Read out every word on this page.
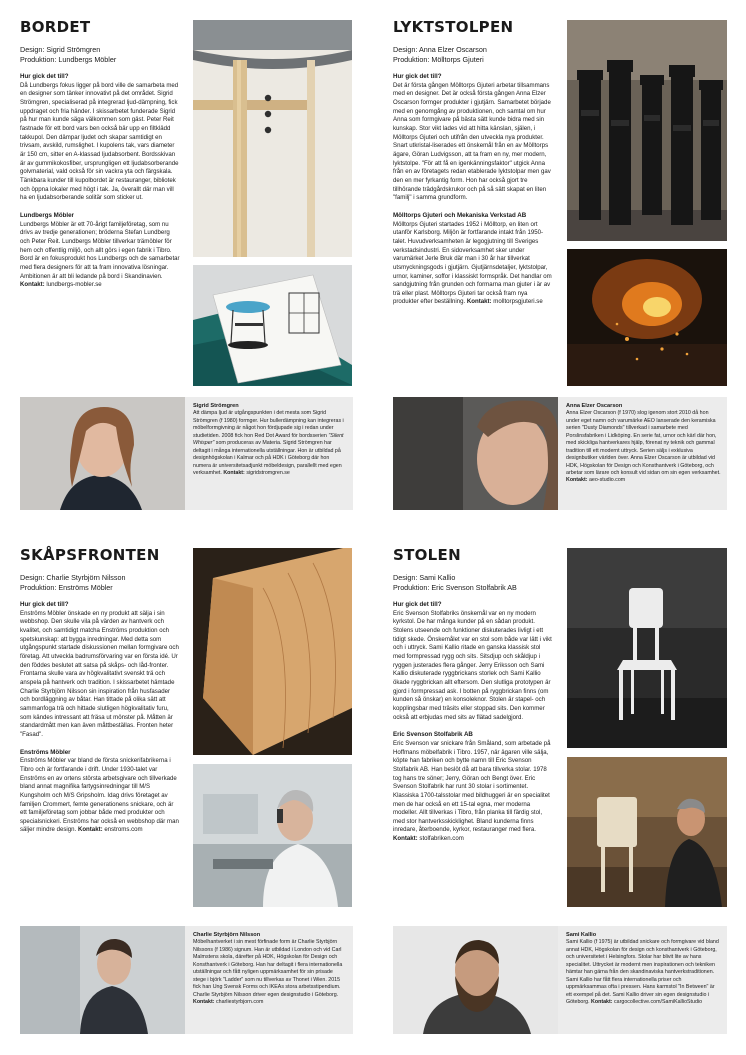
BORDET
Design: Sigrid Strömgren
Produktion: Lundbergs Möbler
Hur gick det till?
Då Lundbergs fokus ligger på bord ville de samarbeta med en designer som tänker innovativt på det området. Sigrid Strömgren, specialiserad på integrerad ljud-dämpning, fick uppdraget och fria händer. I skissarbetet funderade Sigrid på hur man kunde säga välkommen som gäst. Peter Reit fastnade för ett bord vars ben också bär upp en filtklädd takkupol. Den dämpar ljudet och skapar samtidigt en trivsam, avskild, rumslighet. I kupolens tak, vars diameter är 150 cm, sitter en A-klassad ljudabsorbent. Bordsskivan är av gummikokosfiber, ursprungligen ett ljudabsorberande golvmaterial, vald också för sin vackra yta och färgskala. Tänkbara kunder till kupolbordet är restauranger, bibliotek och öppna lokaler med högt i tak. Ja, överallt där man vill ha en ljudabsorberande solitär som sticker ut.
Lundbergs Möbler
Lundbergs Möbler är ett 70-årigt familjeföretag, som nu drivs av tredje generationen; bröderna Stefan Lundberg och Peter Reit. Lundbergs Möbler tillverkar trämöbler för hem och offentlig miljö, och allt görs i egen fabrik i Tibro. Bord är en fokusprodukt hos Lundbergs och de samarbetar med flera designers för att ta fram innovativa lösningar. Ambitionen är att bli ledande på bord i Skandinavien. Kontakt: lundbergs-mobler.se
Sigrid Strömgren
Att dämpa ljud är utgångspunkten i det mesta som Sigrid Strömgren (f 1980) formger. Hur bullerdämpning kan integreras i möbelformgivning är något hon fördjupade sig i redan under studietiden. 2008 fick hon Red Dot Award för bordsserien "Silent Whisper" som produceras av Materia. Sigrid Strömgren har deltagit i många internationella utställningar. Hon är utbildad på designhögskolan i Kalmar och på HDK i Göteborg där hon numera är universitetsadjunkt möbeldesign, parallellt med egen verksamhet. Kontakt: sigridstromgren.se
LYKTSTOLPEN
Design: Anna Elzer Oscarson
Produktion: Mölltorps Gjuteri
Hur gick det till?
Det är första gången Mölltorps Gjuteri arbetar tillsammans med en designer. Det är också första gången Anna Elzer Oscarson formger produkter i gjutjärn. Samarbetet började med en genomgång av produktionen, och samtal om hur Anna som formgivare på bästa sätt kunde bidra med sin kunskap. Stor vikt lades vid att hitta känslan, själen, i Mölltorps Gjuteri och utifrån den utveckla nya produkter. Snart utkristal-liserades ett önskemål från en av Mölltorps ägare, Göran Ludvigsson, att ta fram en ny, mer modern, lyktstolpe. "För att få en igenkänningsfaktor" utgick Anna från en av företagets redan etablerade lyktstolpar men gav den en mer fyrkantig form. Hon har också gjort tre tillhörande trädgårdskrukor och på så sätt skapat en liten "familj" i samma grundform.
Mölltorps Gjuteri och Mekaniska Verkstad AB
Mölltorps Gjuteri startades 1952 i Mölltorp, en liten ort utanför Karlsborg. Miljön är fortfarande intakt från 1950-talet. Huvudverksamheten är legogjutning till Sveriges verkstadsindustri. En sidoverksamhet sker under varumärket Jerle Bruk där man i 30 år har tillverkat utsmyckningsgods i gjutjärn. Gjutjärnsdetaljer, lyktstolpar, urnor, kaminer, soffor i klassiskt formspråk. Det handlar om sandgjutning från grunden och formarna man gjuter i är av trä eller plast. Mölltorps Gjuteri tar också fram nya produkter efter beställning. Kontakt: molltorpsgjuteri.se
Anna Elzer Oscarson
Anna Elzer Oscarson (f 1970) slog igenom stort 2010 då hon under eget namn och varumärke AEO lanserade den keramiska serien "Dusty Diamonds" tillverkad i samarbete med Porslinsfabriken i Lidköping. En serie fat, urnor och kärl där hon, med skickliga hantverkares hjälp, förenat ny teknik och gammal tradition till ett modernt uttryck. Serien säljs i exklusiva designbutiker världen över. Anna Elzer Oscarson är utbildad vid HDK, Högskolan för Design och Konsthantverk i Göteborg, och arbetar som lärare och konsult vid sidan om sin egen verksamhet. Kontakt: aeo-studio.com
SKÅPSFRONTEN
Design: Charlie Styrbjörn Nilsson
Produktion: Enströms Möbler
Hur gick det till?
Enströms Möbler önskade en ny produkt att sälja i sin webbshop. Den skulle vila på värden av hantverk och kvalitet, och samtidigt matcha Enströms produktion och spetskunskap: att bygga inredningar. Med detta som utgångspunkt startade diskussionen mellan formgivare och företag. Att utveckla badrumsförvaring var en första idé. Ur den föddes beslutet att satsa på skåps- och låd-fronter. Frontarna skulle vara av högkvalitativt svenskt trä och anspela på hantverk och tradition. I skissarbetet hämtade Charlie Styrbjörn Nilsson sin inspiration från husfasader och bordläggning av båtar. Han tittade på olika sätt att sammanfoga trä och hittade slutligen högkvalitativ furu, som kändes intressant att fräsa ut mönster på. Måtten är standardmått men kan även måttbeställas. Fronten heter "Fasad".
Enströms Möbler
Enströms Möbler var bland de första snickerifabrikerna i Tibro och är fortfarande i drift. Under 1930-talet var Enströms en av ortens största arbetsgivare och tillverkade bland annat magnifika fartygsinredningar till M/S Kungsholm och M/S Gripsholm. Idag drivs företaget av familjen Crommert, femte generationens snickare, och är ett familjeföretag som jobbar både med produkter och specialsnickeri. Enströms har också en webbshop där man säljer mindre design. Kontakt: enstroms.com
Charlie Styrbjörn Nilsson
Möbelhantverket i sin mest förfinade form är Charlie Styrbjörn Nilssons (f 1986) signum. Han är utbildad i London och vid Carl Malmstens skola, därefter på HDK, Högskolan för Design och Konsthantverk i Göteborg. Han har deltagit i flera internationella utställningar och fått nyligen uppmärksamhet för sin prisade stege i björk "Ladder" som nu tillverkas av Thonet i Wien. 2015 fick han Ung Svensk Forms och IKEAs stora arbetsstipendium. Charlie Styrbjörn Nilsson driver egen designstudio i Göteborg. Kontakt: charliestyrbjorn.com
STOLEN
Design: Sami Kallio
Produktion: Eric Svenson Stolfabrik AB
Hur gick det till?
Eric Svenson Stolfabriks önskemål var en ny modern kyrkstol. De har många kunder på en sådan produkt. Stolens utseende och funktioner diskuterades livligt i ett tidigt skede. Önskemålet var en stol som både var lätt i vikt och i uttryck. Sami Kallio ritade en ganska klassisk stol med formpressad rygg och sits. Sitsdjup och skåldjup i ryggen justerades flera gånger. Jerry Eriksson och Sami Kallio diskuterade ryggbrickans storlek och Sami Kallio ökade ryggbrickan allt eftersom. Den slutliga prototypen är gjord i formpressad ask. I botten på ryggbrickan finns (om kunden så önskar) en konsoleknor. Stolen är stapel- och kopplingsbar med träsits eller stoppad sits. Den kommer också att erbjudas med sits av flätad sadelgjord.
Eric Svenson Stolfabrik AB
Eric Svenson var snickare från Småland, som arbetade på Hoffmans möbelfabrik i Tibro. 1957, när ägaren ville sälja, köpte han fabriken och bytte namn till Eric Svenson Stolfabrik AB. Han beslöt då att bara tillverka stolar. 1978 tog hans tre söner; Jerry, Göran och Bengt över. Eric Svenson Stolfabrik har runt 30 stolar i sortimentet. Klassiska 1700-talsstolar med bildhuggeri är en specialitet men de har också en ett 15-tal egna, mer moderna modeller. Allt tillverkas i Tibro, från planka till färdig stol, med stor hantverksskicklighet. Bland kunderna finns inredare, återboende, kyrkor, restauranger med flera. Kontakt: stolfabriken.com
Sami Kallio
Sami Kallio (f 1975) är utbildad snickare och formgivare vid bland annat HDK, Högskolan för design och konsthantverk i Göteborg, och universitetet i Helsingfors. Stolar har blivit lite av hans specialitet. Uttrycket är modernt men inspirationen och tekniken hämtar han gärna från den skandinaviska hantverkstraditionen. Sami Kallio har fått flera internationella priser och uppmärksammas ofta i pressen. Hans karmstol "In Between" är ett exempel på det. Sami Kallio driver sin egen designstudio i Göteborg. Kontakt: cargocollective.com/SamiKallioStudio
